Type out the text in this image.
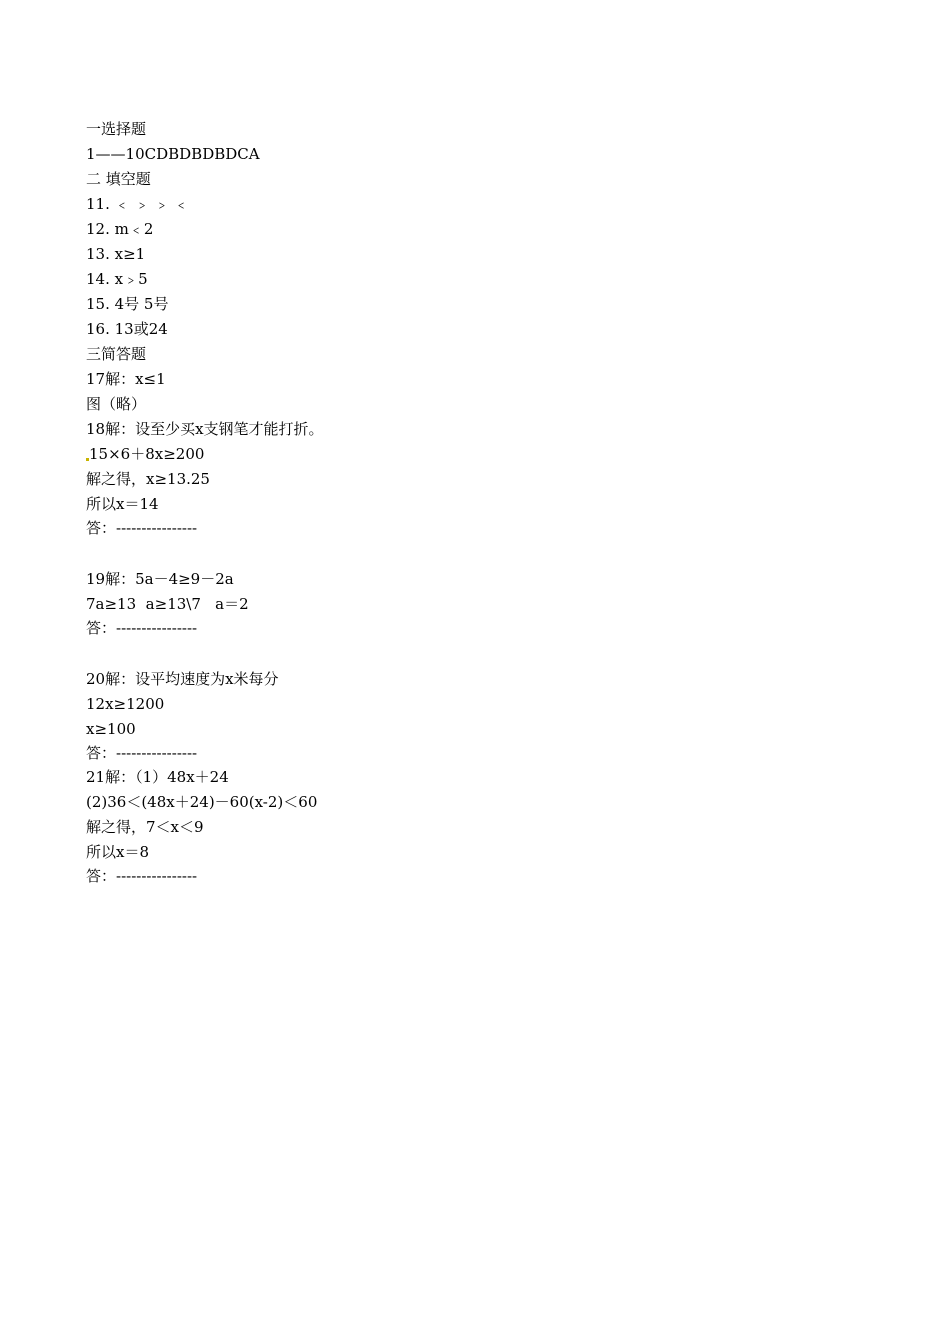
一选择题
1——10CDBDBDBDCA
二 填空题
11. ﹤ ﹥ ﹥ ﹤
12. m﹤2
13. x≥1
14. x﹥5
15. 4号 5号
16. 13或24
三简答题
17解：x≤1
图（略）
18解：设至少买x支钢笔才能打折。
15×6＋8x≥200
解之得，x≥13.25
所以x＝14
答：----------------
19解：5a－4≥9－2a
7a≥13  a≥13\7   a＝2
答：----------------
20解：设平均速度为x米每分
12x≥1200
x≥100
答：----------------
21解：（1）48x＋24
(2)36＜(48x＋24)－60(x-2)＜60
解之得，7＜x＜9
所以x＝8
答：----------------
